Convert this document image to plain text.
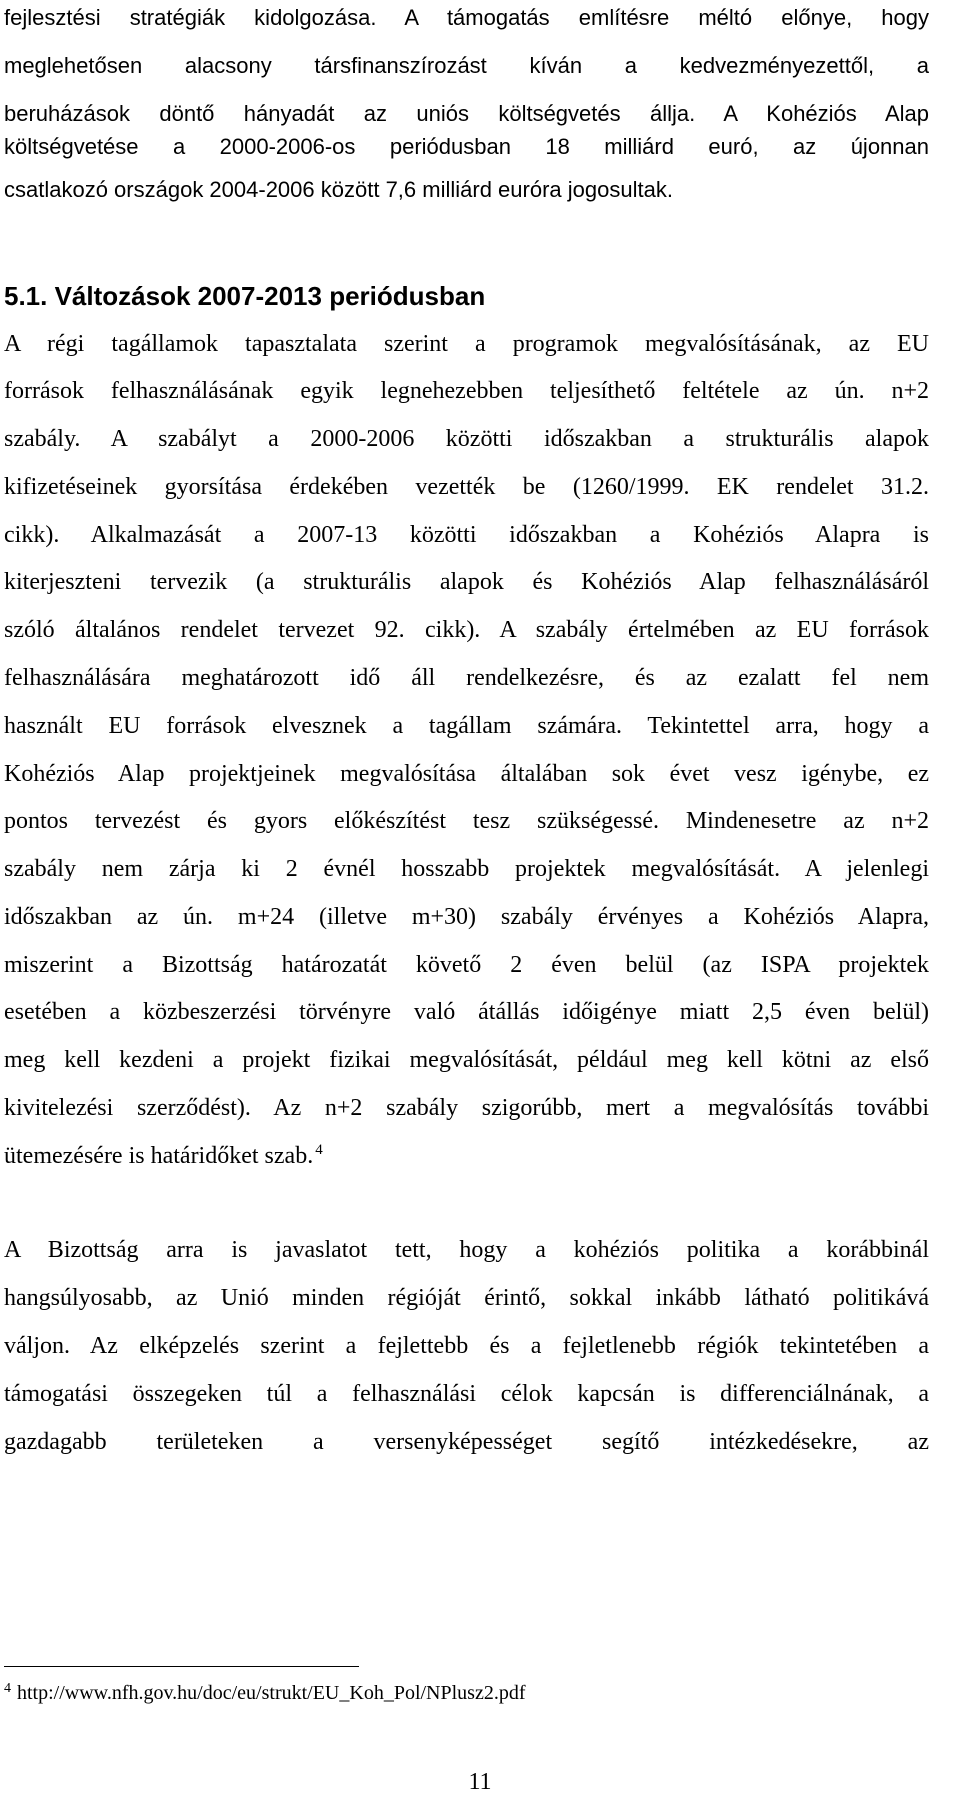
fejlesztési stratégiák kidolgozása. A támogatás említésre méltó előnye, hogy
meglehetősen alacsony társfinanszírozást kíván a kedvezményezettől, a
beruházások döntő hányadát az uniós költségvetés állja. A Kohéziós Alap
költségvetése a 2000-2006-os periódusban 18 milliárd euró, az újonnan
csatlakozó országok 2004-2006 között 7,6 milliárd euróra jogosultak.
5.1. Változások 2007-2013 periódusban
A régi tagállamok tapasztalata szerint a programok megvalósításának, az EU
források felhasználásának egyik legnehezebben teljesíthető feltétele az ún. n+2
szabály. A szabályt a 2000-2006 közötti időszakban a strukturális alapok
kifizetéseinek gyorsítása érdekében vezették be (1260/1999. EK rendelet 31.2.
cikk). Alkalmazását a 2007-13 közötti időszakban a Kohéziós Alapra is
kiterjeszteni tervezik (a strukturális alapok és Kohéziós Alap felhasználásáról
szóló általános rendelet tervezet 92. cikk). A szabály értelmében az EU források
felhasználására meghatározott idő áll rendelkezésre, és az ezalatt fel nem
használt EU források elvesznek a tagállam számára. Tekintettel arra, hogy a
Kohéziós Alap projektjeinek megvalósítása általában sok évet vesz igénybe, ez
pontos tervezést és gyors előkészítést tesz szükségessé. Mindenesetre az n+2
szabály nem zárja ki 2 évnél hosszabb projektek megvalósítását. A jelenlegi
időszakban az ún. m+24 (illetve m+30) szabály érvényes a Kohéziós Alapra,
miszerint a Bizottság határozatát követő 2 éven belül (az ISPA projektek
esetében a közbeszerzési törvényre való átállás időigénye miatt 2,5 éven belül)
meg kell kezdeni a projekt fizikai megvalósítását, például meg kell kötni az első
kivitelezési szerződést). Az n+2 szabály szigorúbb, mert a megvalósítás további
ütemezésére is határidőket szab. $^4$
A Bizottság arra is javaslatot tett, hogy a kohéziós politika a korábbinál
hangsúlyosabb, az Unió minden régióját érintő, sokkal inkább látható politikává
váljon. Az elképzelés szerint a fejlettebb és a fejletlenebb régiók tekintetében a
támogatási összegeken túl a felhasználási célok kapcsán is differenciálnának, a
gazdagabb területeken a versenyképességet segítő intézkedésekre, az
$^4$ http://www.nfh.gov.hu/doc/eu/strukt/EU_Koh_Pol/NPlusz2.pdf
11
